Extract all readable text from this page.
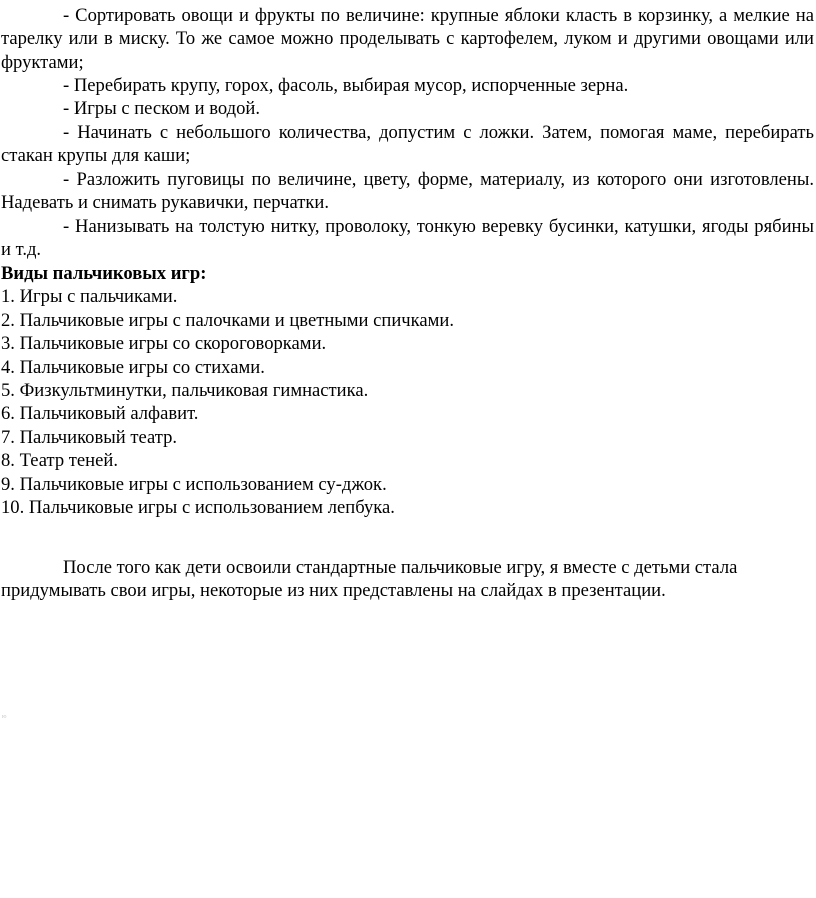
- Сортировать овощи и фрукты по величине: крупные яблоки класть в корзинку, а мелкие на тарелку или в миску. То же самое можно проделывать с картофелем, луком и другими овощами или фруктами;

- Перебирать крупу, горох, фасоль, выбирая мусор, испорченные зерна.

- Игры с песком и водой.

- Начинать с небольшого количества, допустим с ложки. Затем, помогая маме, перебирать стакан крупы для каши;

- Разложить пуговицы по величине, цвету, форме, материалу, из которого они изготовлены. Надевать и снимать рукавички, перчатки.

- Нанизывать на толстую нитку, проволоку, тонкую веревку бусинки, катушки, ягоды рябины и т.д.

Виды пальчиковых игр:

1. Игры с пальчиками.

2. Пальчиковые игры с палочками и цветными спичками.

3. Пальчиковые игры со скороговорками.

4. Пальчиковые игры со стихами.

5. Физкультминутки, пальчиковая гимнастика.

6. Пальчиковый алфавит.

7. Пальчиковый театр.

8. Театр теней.

9. Пальчиковые игры с использованием су-джок.

10. Пальчиковые игры с использованием лепбука.

После того как дети освоили стандартные пальчиковые игру, я вместе с детьми стала придумывать свои игры, некоторые из них представлены на слайдах в презентации.

ю
